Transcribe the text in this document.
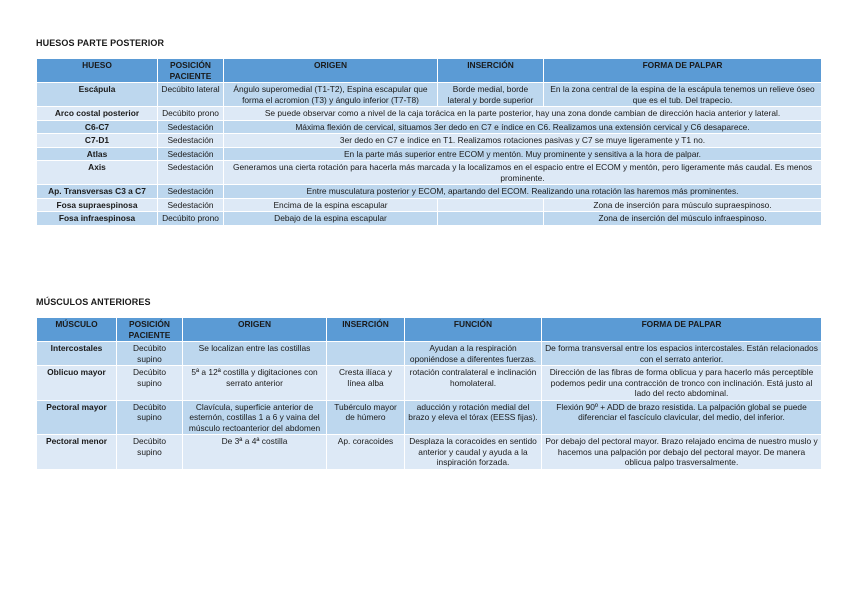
HUESOS PARTE POSTERIOR
HUESO	POSICIÓN PACIENTE	ORIGEN	INSERCIÓN	FORMA DE PALPAR
Escápula	Decúbito lateral	Ángulo superomedial (T1-T2), Espina escapular que forma el acromion (T3) y ángulo inferior (T7-T8)	Borde medial, borde lateral y borde superior	En la zona central de la espina de la escápula tenemos un relieve óseo que es el tub. Del trapecio.
Arco costal posterior	Decúbito prono	Se puede observar como a nivel de la caja torácica en la parte posterior, hay una zona donde cambian de dirección hacia anterior y lateral.		
C6-C7	Sedestación	Máxima flexión de cervical, situamos 3er dedo en C7 e índice en C6. Realizamos una extensión cervical y C6 desaparece.		
C7-D1	Sedestación	3er dedo en C7 e índice en T1. Realizamos rotaciones pasivas y C7 se muye ligeramente y T1 no.		
Atlas	Sedestación	En la parte más superior entre ECOM y mentón. Muy prominente y sensitiva a la hora de palpar.		
Axis	Sedestación	Generamos una cierta rotación para hacerla más marcada y la localizamos en el espacio entre el ECOM y mentón, pero ligeramente más caudal. Es menos prominente.		
Ap. Transversas C3 a C7	Sedestación	Entre musculatura posterior y ECOM, apartando del ECOM. Realizando una rotación las haremos más prominentes.		
Fosa supraespinosa	Sedestación	Encima de la espina escapular		Zona de inserción para músculo supraespinoso.
Fosa infraespinosa	Decúbito prono	Debajo de la espina escapular		Zona de inserción del músculo infraespinoso.
MÚSCULOS ANTERIORES
MÚSCULO	POSICIÓN PACIENTE	ORIGEN	INSERCIÓN	FUNCIÓN	FORMA DE PALPAR
Intercostales	Decúbito supino	Se localizan entre las costillas		Ayudan a la respiración oponiéndose a diferentes fuerzas.	De forma transversal entre los espacios intercostales. Están relacionados con el serrato anterior.
Oblicuo mayor	Decúbito supino	5ª a 12ª costilla y digitaciones con serrato anterior	Cresta ilíaca y línea alba	rotación contralateral e inclinación homolateral.	Dirección de las fibras de forma oblicua y para hacerlo más perceptible podemos pedir una contracción de tronco con inclinación. Está justo al lado del recto abdominal.
Pectoral mayor	Decúbito supino	Clavícula, superficie anterior de esternón, costillas 1 a 6 y vaina del músculo rectoanterior del abdomen	Tubérculo mayor de húmero	aducción y rotación medial del brazo y eleva el tórax (EESS fijas).	Flexión 90º + ADD de brazo resistida. La palpación global se puede diferenciar el fascículo clavicular, del medio, del inferior.
Pectoral menor	Decúbito supino	De 3ª a 4ª costilla	Ap. coracoides	Desplaza la coracoides en sentido anterior y caudal y ayuda a la inspiración forzada.	Por debajo del pectoral mayor. Brazo relajado encima de nuestro muslo y hacemos una palpación por debajo del pectoral mayor. De manera oblicua palpo trasversalmente.
